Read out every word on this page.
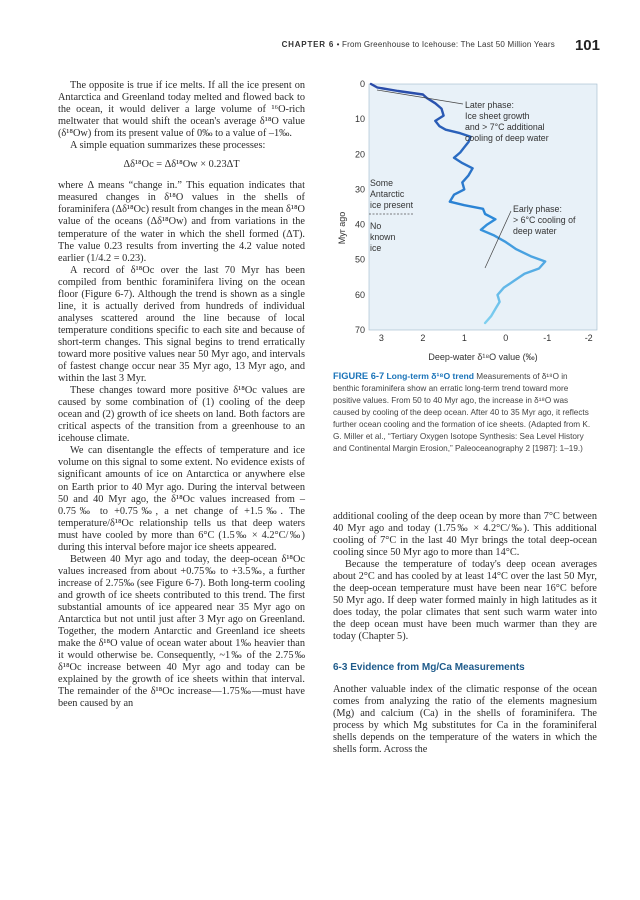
CHAPTER 6 • From Greenhouse to Icehouse: The Last 50 Million Years 101

The opposite is true if ice melts. If all the ice present on Antarctica and Greenland today melted and flowed back to the ocean, it would deliver a large volume of ¹⁶O-rich meltwater that would shift the ocean's average δ¹⁸O value (δ¹⁸Ow) from its present value of 0‰ to a value of –1‰.

A simple equation summarizes these processes:

Δδ¹⁸Oc = Δδ¹⁸Ow × 0.23ΔT

where Δ means “change in.” This equation indicates that measured changes in δ¹⁸O values in the shells of foraminifera (Δδ¹⁸Oc) result from changes in the mean δ¹⁸O value of the oceans (Δδ¹⁸Ow) and from variations in the temperature of the water in which the shell formed (ΔT). The value 0.23 results from inverting the 4.2 value noted earlier (1/4.2 = 0.23).

A record of δ¹⁸Oc over the last 70 Myr has been compiled from benthic foraminifera living on the ocean floor (Figure 6-7). Although the trend is shown as a single line, it is actually derived from hundreds of individual analyses scattered around the line because of local temperature conditions specific to each site and because of short-term changes. This signal begins to trend erratically toward more positive values near 50 Myr ago, and intervals of fastest change occur near 35 Myr ago, 13 Myr ago, and within the last 3 Myr.

These changes toward more positive δ¹⁸Oc values are caused by some combination of (1) cooling of the deep ocean and (2) growth of ice sheets on land. Both factors are critical aspects of the transition from a greenhouse to an icehouse climate.

We can disentangle the effects of temperature and ice volume on this signal to some extent. No evidence exists of significant amounts of ice on Antarctica or anywhere else on Earth prior to 40 Myr ago. During the interval between 50 and 40 Myr ago, the δ¹⁸Oc values increased from –0.75‰ to +0.75‰, a net change of +1.5‰. The temperature/δ¹⁸Oc relationship tells us that deep waters must have cooled by more than 6°C (1.5‰ × 4.2°C/‰) during this interval before major ice sheets appeared.

Between 40 Myr ago and today, the deep-ocean δ¹⁸Oc values increased from about +0.75‰ to +3.5‰, a further increase of 2.75‰ (see Figure 6-7). Both long-term cooling and growth of ice sheets contributed to this trend. The first substantial amounts of ice appeared near 35 Myr ago on Antarctica but not until just after 3 Myr ago on Greenland. Together, the modern Antarctic and Greenland ice sheets make the δ¹⁸O value of ocean water about 1‰ heavier than it would otherwise be. Consequently, ~1‰ of the 2.75‰ δ¹⁸Oc increase between 40 Myr ago and today can be explained by the growth of ice sheets within that interval. The remainder of the δ¹⁸Oc increase—1.75‰—must have been caused by an

0
10
20
30
40
50
60
70
3	2	1	0	-1	-2
Myr ago
Deep-water δ¹⁸O value (‰)
Later phase:
Ice sheet growth
and > 7°C additional
cooling of deep water
Early phase:
> 6°C cooling of
deep water
Some
Antarctic
ice present
No
known
ice
FIGURE 6-7 Long-term δ¹⁸O trend Measurements of δ¹⁸O in benthic foraminifera show an erratic long-term trend toward more positive values. From 50 to 40 Myr ago, the increase in δ¹⁸O was caused by cooling of the deep ocean. After 40 to 35 Myr ago, it reflects further ocean cooling and the formation of ice sheets. (Adapted from K. G. Miller et al., “Tertiary Oxygen Isotope Synthesis: Sea Level History and Continental Margin Erosion,” Paleoceanography 2 [1987]: 1–19.)

additional cooling of the deep ocean by more than 7°C between 40 Myr ago and today (1.75‰ × 4.2°C/‰). This additional cooling of 7°C in the last 40 Myr brings the total deep-ocean cooling since 50 Myr ago to more than 14°C.

Because the temperature of today's deep ocean averages about 2°C and has cooled by at least 14°C over the last 50 Myr, the deep-ocean temperature must have been near 16°C before 50 Myr ago. If deep water formed mainly in high latitudes as it does today, the polar climates that sent such warm water into the deep ocean must have been much warmer than they are today (Chapter 5).

6-3 Evidence from Mg/Ca Measurements

Another valuable index of the climatic response of the ocean comes from analyzing the ratio of the elements magnesium (Mg) and calcium (Ca) in the shells of foraminifera. The process by which Mg substitutes for Ca in the foraminiferal shells depends on the temperature of the waters in which the shells form. Across the
